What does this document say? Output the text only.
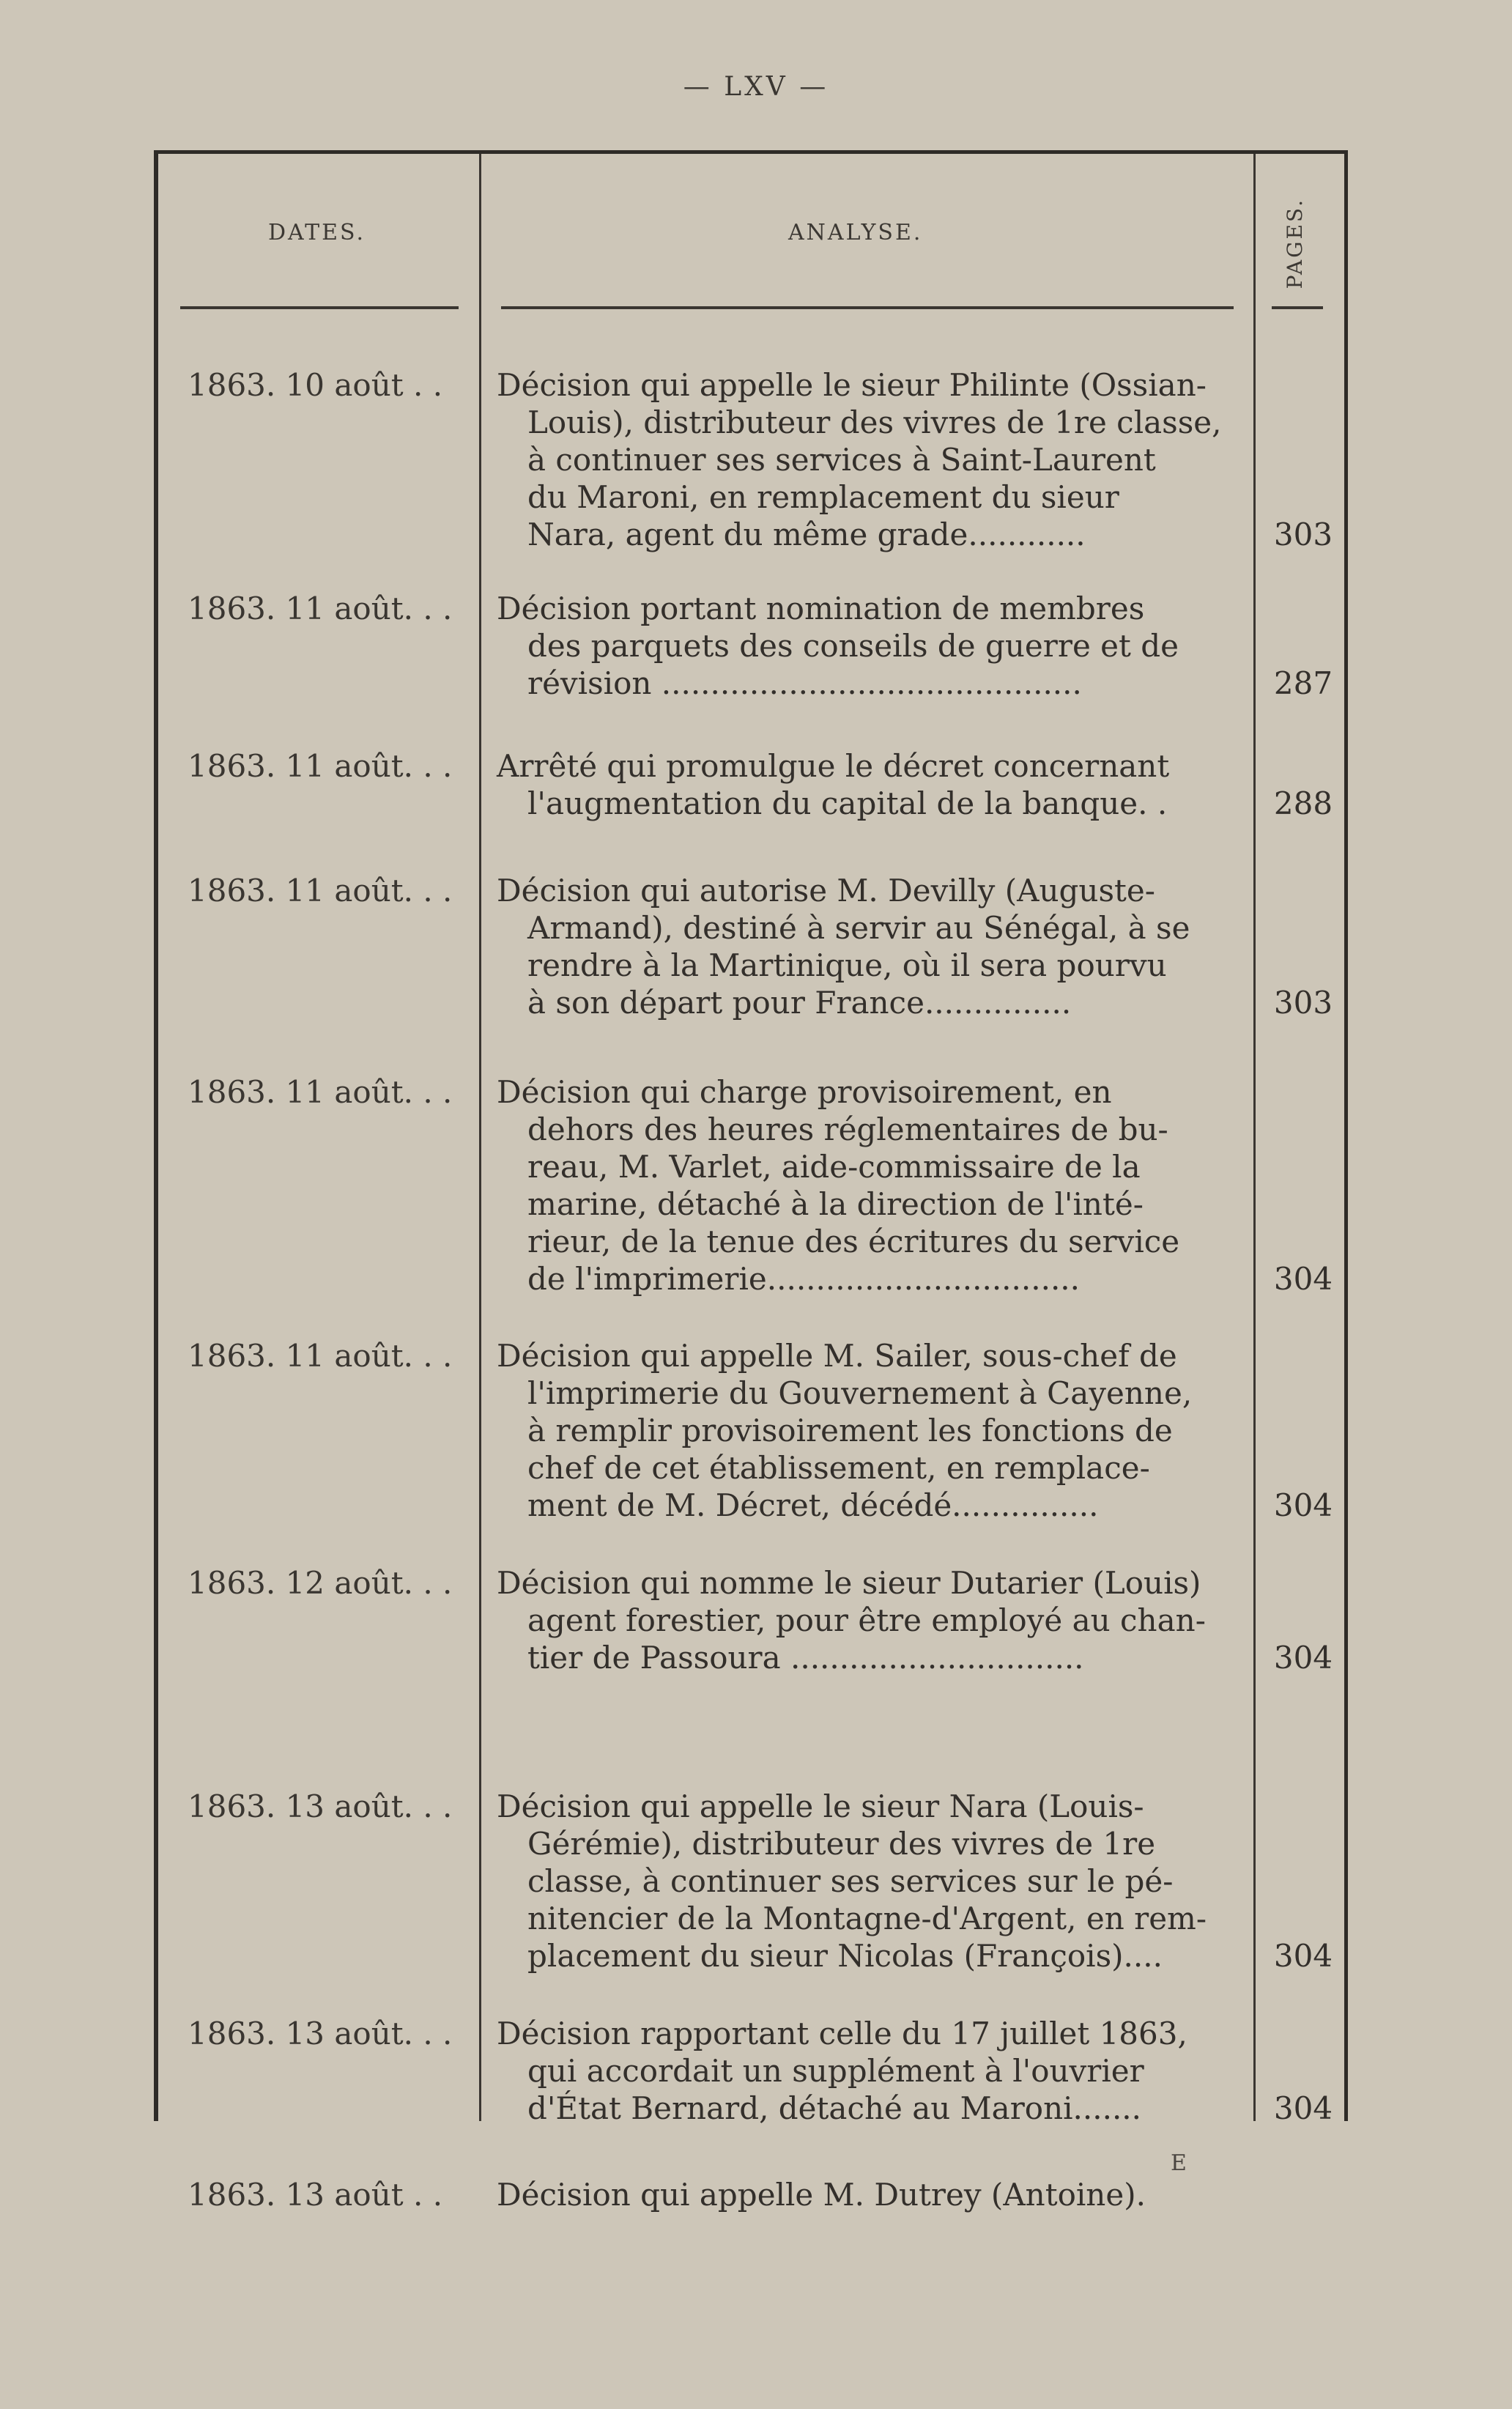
— LXV —
DATES.	ANALYSE.	PAGES.
1863. 10 août . .	Décision qui appelle le sieur Philinte (Ossian-
Louis), distributeur des vivres de 1re classe,
à continuer ses services à Saint-Laurent
du Maroni, en remplacement du sieur
Nara, agent du même grade............	303
1863. 11 août. . .	Décision portant nomination de membres
des parquets des conseils de guerre et de
révision ...........................................	287
1863. 11 août. . .	Arrêté qui promulgue le décret concernant
l'augmentation du capital de la banque. .	288
1863. 11 août. . .	Décision qui autorise M. Devilly (Auguste-
Armand), destiné à servir au Sénégal, à se
rendre à la Martinique, où il sera pourvu
à son départ pour France...............	303
1863. 11 août. . .	Décision qui charge provisoirement, en
dehors des heures réglementaires de bu-
reau, M. Varlet, aide-commissaire de la
marine, détaché à la direction de l'inté-
rieur, de la tenue des écritures du service
de l'imprimerie................................	304
1863. 11 août. . .	Décision qui appelle M. Sailer, sous-chef de
l'imprimerie du Gouvernement à Cayenne,
à remplir provisoirement les fonctions de
chef de cet établissement, en remplace-
ment de M. Décret, décédé...............	304
1863. 12 août. . .	Décision qui nomme le sieur Dutarier (Louis)
agent forestier, pour être employé au chan-
tier de Passoura ..............................	304
1863. 13 août. . .	Décision qui appelle le sieur Nara (Louis-
Gérémie), distributeur des vivres de 1re
classe, à continuer ses services sur le pé-
nitencier de la Montagne-d'Argent, en rem-
placement du sieur Nicolas (François)....	304
1863. 13 août. . .	Décision rapportant celle du 17 juillet 1863,
qui accordait un supplément à l'ouvrier
d'État Bernard, détaché au Maroni.......	304
1863. 13 août . .	Décision qui appelle M. Dutrey (Antoine).
E
